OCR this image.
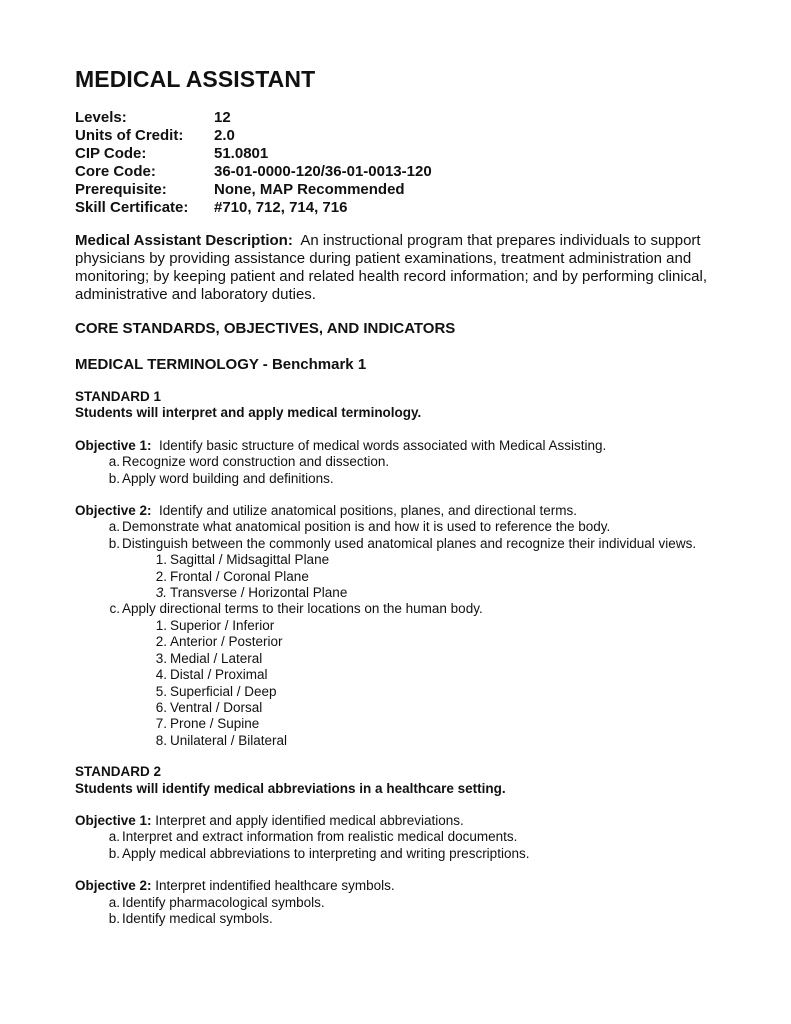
MEDICAL ASSISTANT
Levels:	12
Units of Credit:	2.0
CIP Code:	51.0801
Core Code:	36-01-0000-120/36-01-0013-120
Prerequisite:	None, MAP Recommended
Skill Certificate:	#710, 712, 714, 716

Medical Assistant Description: An instructional program that prepares individuals to support physicians by providing assistance during patient examinations, treatment administration and monitoring; by keeping patient and related health record information; and by performing clinical, administrative and laboratory duties.

CORE STANDARDS, OBJECTIVES, AND INDICATORS
MEDICAL TERMINOLOGY - Benchmark 1
STANDARD 1
Students will interpret and apply medical terminology.
Objective 1: Identify basic structure of medical words associated with Medical Assisting.
a. Recognize word construction and dissection.
b. Apply word building and definitions.
Objective 2: Identify and utilize anatomical positions, planes, and directional terms.
a. Demonstrate what anatomical position is and how it is used to reference the body.
b. Distinguish between the commonly used anatomical planes and recognize their individual views.
1. Sagittal / Midsagittal Plane
2. Frontal / Coronal Plane
3. Transverse / Horizontal Plane
c. Apply directional terms to their locations on the human body.
1. Superior / Inferior
2. Anterior / Posterior
3. Medial / Lateral
4. Distal / Proximal
5. Superficial / Deep
6. Ventral / Dorsal
7. Prone / Supine
8. Unilateral / Bilateral
STANDARD 2
Students will identify medical abbreviations in a healthcare setting.
Objective 1: Interpret and apply identified medical abbreviations.
a. Interpret and extract information from realistic medical documents.
b. Apply medical abbreviations to interpreting and writing prescriptions.
Objective 2: Interpret indentified healthcare symbols.
a. Identify pharmacological symbols.
b. Identify medical symbols.
